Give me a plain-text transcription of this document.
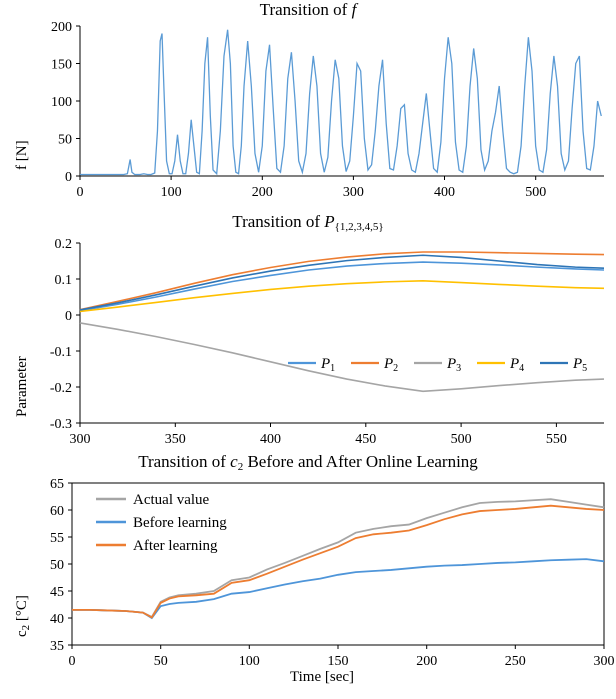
Transition of f
f [N]
0
50
100
150
200
0	100	200	300	400	500
Transition of $P_{\{1,2,3,4,5\}}$
Parameter
0.2
0.1
0
-0.1
-0.2
-0.3
300	350	400	450	500	550
$P_1$	$P_2$	$P_3$	$P_4$	$P_5$
Transition of $c_2$ Before and After Online Learning
$c_2$ [°C]
65
60
55
50
45
40
35
0	50	100	150	200	250	300
Actual value
Before learning
After learning
Time [sec]
